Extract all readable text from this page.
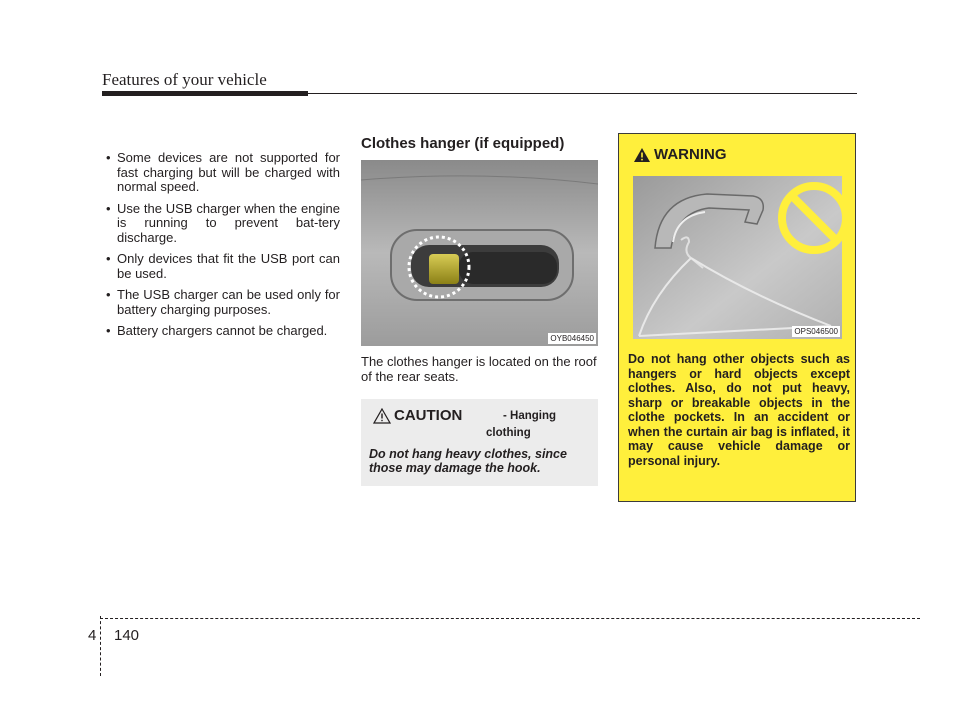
Features of your vehicle
• Some devices are not supported for fast charging but will be charged with normal speed.
• Use the USB charger when the engine is running to prevent bat-tery discharge.
• Only devices that fit the USB port can be used.
• The USB charger can be used only for battery charging purposes.
• Battery chargers cannot be charged.
Clothes hanger (if equipped)
OYB046450
The clothes hanger is located on the roof of the rear seats.
CAUTION	- Hanging
clothing
Do not hang heavy clothes, since those may damage the hook.
WARNING
OPS046500
Do not hang other objects such as hangers or hard objects except clothes. Also, do not put heavy, sharp or breakable objects in the clothe pockets. In an accident or when the curtain air bag is inflated, it may cause vehicle damage or personal injury.
4 140
